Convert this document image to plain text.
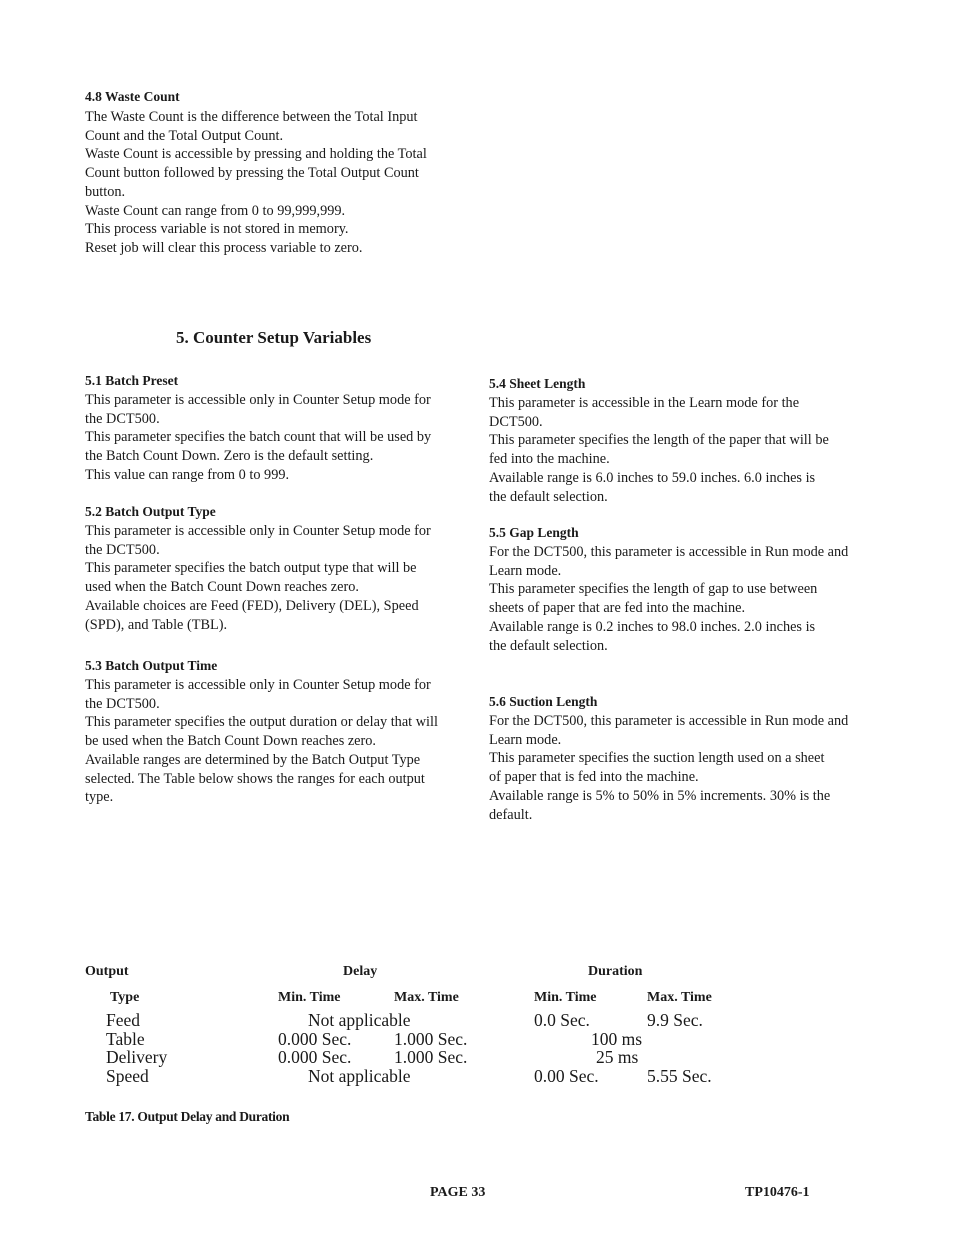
4.8 Waste Count

The Waste Count is the difference between the Total Input
Count and the Total Output Count.
Waste Count is accessible by pressing and holding the Total
Count button followed by pressing the Total Output Count
button.
Waste Count can range from 0 to 99,999,999.
This process variable is not stored in memory.
Reset job will clear this process variable to zero.

5. Counter Setup Variables
5.1 Batch Preset

This parameter is accessible only in Counter Setup mode for
the DCT500.
This parameter specifies the batch count that will be used by
the Batch Count Down. Zero is the default setting.
This value can range from 0 to 999.

5.2 Batch Output Type

This parameter is accessible only in Counter Setup mode for
the DCT500.
This parameter specifies the batch output type that will be
used when the Batch Count Down reaches zero.
Available choices are Feed (FED), Delivery (DEL), Speed
(SPD), and Table (TBL).

5.3 Batch Output Time

This parameter is accessible only in Counter Setup mode for
the DCT500.
This parameter specifies the output duration or delay that will
be used when the Batch Count Down reaches zero.
Available ranges are determined by the Batch Output Type
selected. The Table below shows the ranges for each output
type.

5.4 Sheet Length

This parameter is accessible in the Learn mode for the
DCT500.
This parameter specifies the length of the paper that will be
fed into the machine.
Available range is 6.0 inches to 59.0 inches. 6.0 inches is
the default selection.

5.5 Gap Length

For the DCT500, this parameter is accessible in Run mode and
Learn mode.
This parameter specifies the length of gap to use between
sheets of paper that are fed into the machine.
Available range is 0.2 inches to 98.0 inches. 2.0 inches is
the default selection.

5.6 Suction Length

For the DCT500, this parameter is accessible in Run mode and
Learn mode.
This parameter specifies the suction length used on a sheet
of paper that is fed into the machine.
Available range is 5% to 50% in 5% increments. 30% is the
default.

Output	Delay	Duration
Type	Min. Time	Max. Time	Min. Time	Max. Time
Feed	Not applicable	0.0 Sec.	9.9 Sec.
Table	0.000 Sec. 1.000 Sec.	100 ms
Delivery	0.000 Sec. 1.000 Sec.	25 ms
Speed	Not applicable	0.00 Sec.	5.55 Sec.
Table 17. Output Delay and Duration
PAGE 33	TP10476-1
